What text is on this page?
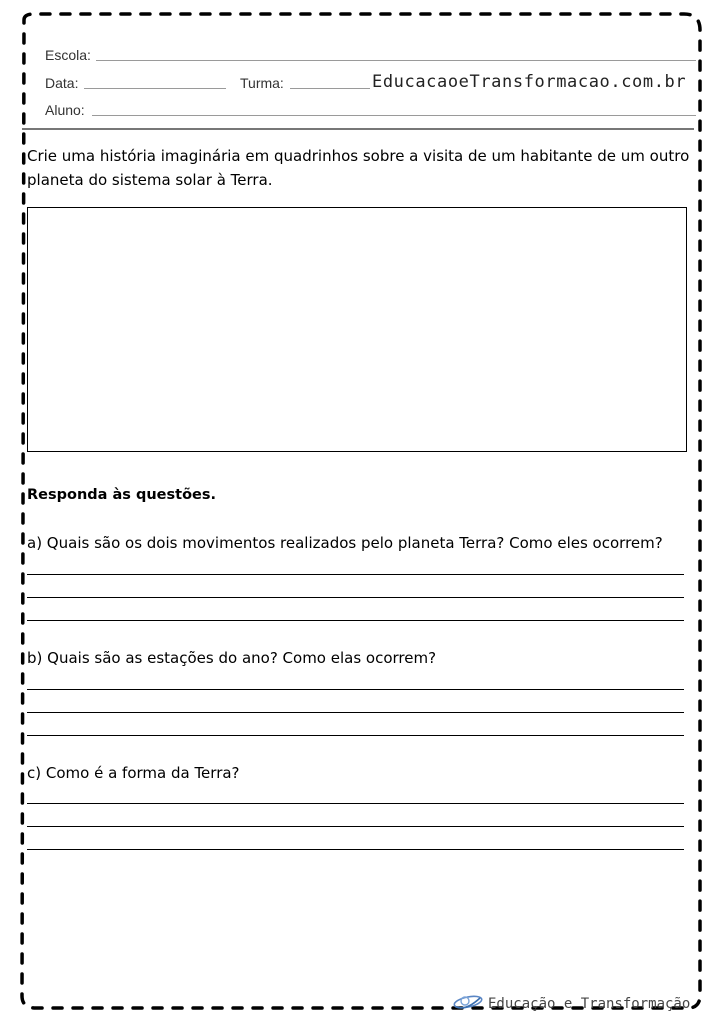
Escola:
Data:	Turma:	EducacaoeTransformacao.com.br
Aluno:
Crie uma história imaginária em quadrinhos sobre a visita de um habitante de um outro planeta do sistema solar à Terra.
Responda às questões.
a) Quais são os dois movimentos realizados pelo planeta Terra? Como eles ocorrem?
b) Quais são as estações do ano? Como elas ocorrem?
c) Como é a forma da Terra?
Educação e Transformação
